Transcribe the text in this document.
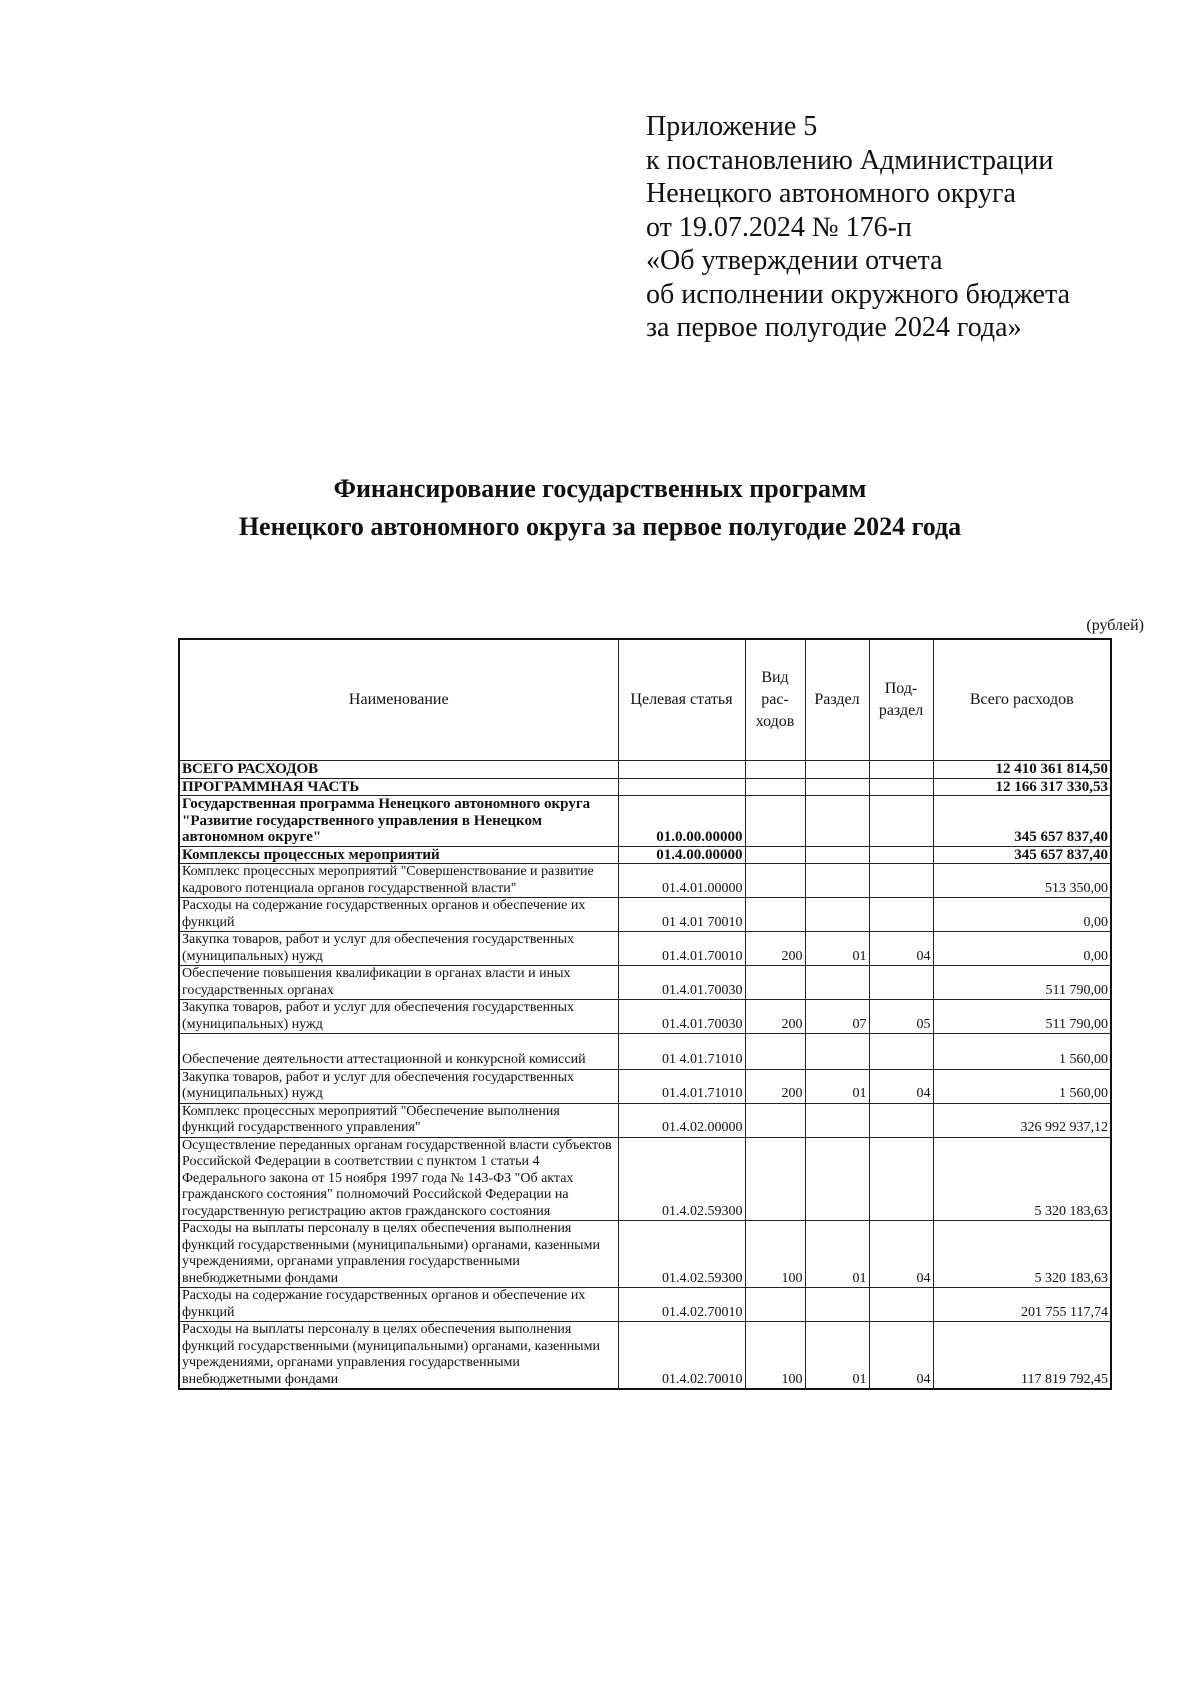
Приложение 5
к постановлению Администрации
Ненецкого автономного округа
от 19.07.2024 № 176-п
«Об утверждении отчета
об исполнении окружного бюджета
за первое полугодие 2024 года»
Финансирование государственных программ
Ненецкого автономного округа за первое полугодие 2024 года
(рублей)
Наименование	Целевая статья	Вид рас- ходов	Раздел	Под- раздел	Всего расходов
ВСЕГО РАСХОДОВ					12 410 361 814,50
ПРОГРАММНАЯ ЧАСТЬ					12 166 317 330,53
Государственная программа Ненецкого автономного округа "Развитие государственного управления в Ненецком автономном округе"	01.0.00.00000				345 657 837,40
Комплексы процессных мероприятий	01.4.00.00000				345 657 837,40
Комплекс процессных мероприятий "Совершенствование и развитие кадрового потенциала органов государственной власти"	01.4.01.00000				513 350,00
Расходы на содержание государственных органов и обеспечение их функций	01 4.01 70010				0,00
Закупка товаров, работ и услуг для обеспечения государственных (муниципальных) нужд	01.4.01.70010	200	01	04	0,00
Обеспечение повышения квалификации в органах власти и иных государственных органах	01.4.01.70030				511 790,00
Закупка товаров, работ и услуг для обеспечения государственных (муниципальных) нужд	01.4.01.70030	200	07	05	511 790,00
Обеспечение деятельности аттестационной и конкурсной комиссий	01 4.01.71010				1 560,00
Закупка товаров, работ и услуг для обеспечения государственных (муниципальных) нужд	01.4.01.71010	200	01	04	1 560,00
Комплекс процессных мероприятий "Обеспечение выполнения функций государственного управления"	01.4.02.00000				326 992 937,12
Осуществление переданных органам государственной власти субъектов Российской Федерации в соответствии с пунктом 1 статьи 4 Федерального закона от 15 ноября 1997 года № 143-ФЗ "Об актах гражданского состояния" полномочий Российской Федерации на государственную регистрацию актов гражданского состояния	01.4.02.59300				5 320 183,63
Расходы на выплаты персоналу в целях обеспечения выполнения функций государственными (муниципальными) органами, казенными учреждениями, органами управления государственными внебюджетными фондами	01.4.02.59300	100	01	04	5 320 183,63
Расходы на содержание государственных органов и обеспечение их функций	01.4.02.70010				201 755 117,74
Расходы на выплаты персоналу в целях обеспечения выполнения функций государственными (муниципальными) органами, казенными учреждениями, органами управления государственными внебюджетными фондами	01.4.02.70010	100	01	04	117 819 792,45
